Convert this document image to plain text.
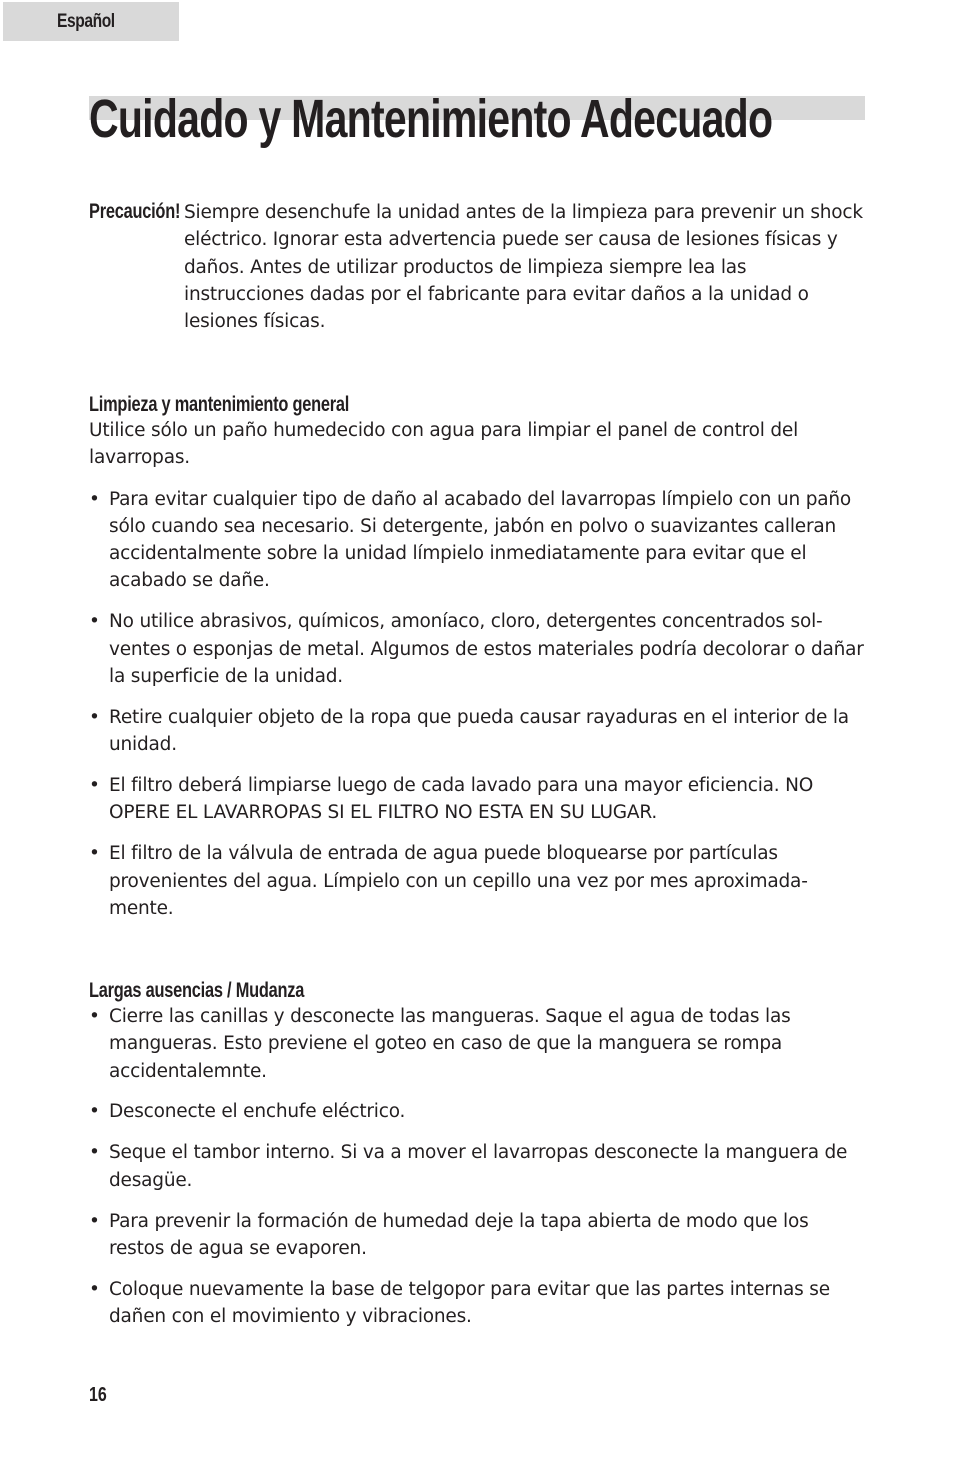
Español
Cuidado y Mantenimiento Adecuado
Precaución! Siempre desenchufe la unidad antes de la limpieza para prevenir un shock eléctrico. Ignorar esta advertencia puede ser causa de lesiones físicas y daños. Antes de utilizar productos de limpieza siempre lea las instrucciones dadas por el fabricante para evitar daños a la unidad o lesiones físicas.

Limpieza y mantenimiento general

Utilice sólo un paño humedecido con agua para limpiar el panel de control del lavarropas.

• Para evitar cualquier tipo de daño al acabado del lavarropas límpielo con un paño sólo cuando sea necesario. Si detergente, jabón en polvo o suavizantes calleran accidentalmente sobre la unidad límpielo inmediatamente para evitar que el acabado se dañe.
• No utilice abrasivos, químicos, amoníaco, cloro, detergentes concentrados sol-ventes o esponjas de metal. Algumos de estos materiales podría decolorar o dañar la superficie de la unidad.
• Retire cualquier objeto de la ropa que pueda causar rayaduras en el interior de la unidad.
• El filtro deberá limpiarse luego de cada lavado para una mayor eficiencia. NO OPERE EL LAVARROPAS SI EL FILTRO NO ESTA EN SU LUGAR.
• El filtro de la válvula de entrada de agua puede bloquearse por partículas provenientes del agua. Límpielo con un cepillo una vez por mes aproximada-mente.
Largas ausencias / Mudanza
• Cierre las canillas y desconecte las mangueras. Saque el agua de todas las mangueras. Esto previene el goteo en caso de que la manguera se rompa accidentalemnte.
• Desconecte el enchufe eléctrico.
• Seque el tambor interno. Si va a mover el lavarropas desconecte la manguera de desagüe.
• Para prevenir la formación de humedad deje la tapa abierta de modo que los restos de agua se evaporen.
• Coloque nuevamente la base de telgopor para evitar que las partes internas se dañen con el movimiento y vibraciones.
16
